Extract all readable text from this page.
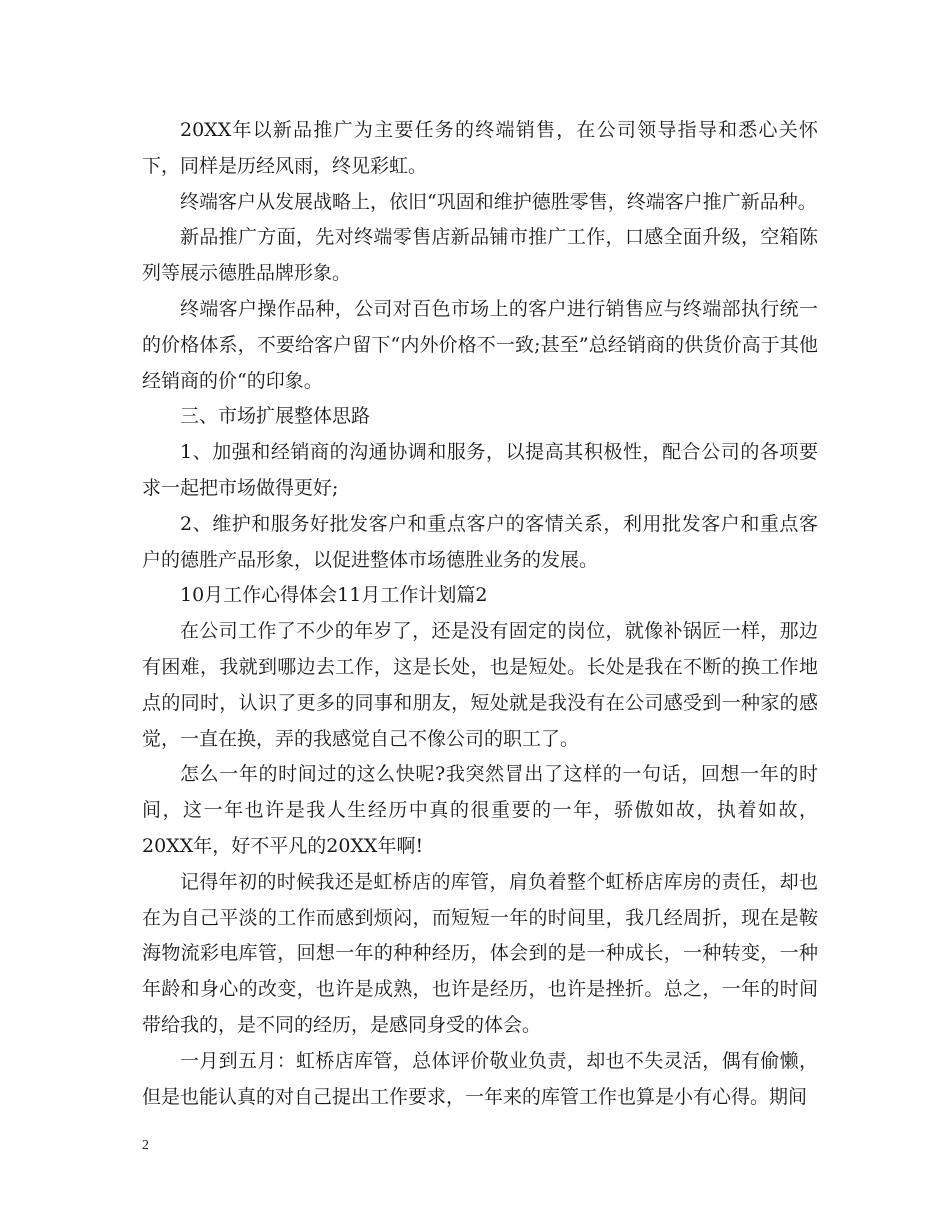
20XX年以新品推广为主要任务的终端销售，在公司领导指导和悉心关怀下，同样是历经风雨，终见彩虹。

终端客户从发展战略上，依旧“巩固和维护德胜零售，终端客户推广新品种。

新品推广方面，先对终端零售店新品铺市推广工作，口感全面升级，空箱陈列等展示德胜品牌形象。

终端客户操作品种，公司对百色市场上的客户进行销售应与终端部执行统一的价格体系，不要给客户留下“内外价格不一致;甚至”总经销商的供货价高于其他经销商的价“的印象。

三、市场扩展整体思路

1、加强和经销商的沟通协调和服务，以提高其积极性，配合公司的各项要求一起把市场做得更好;

2、维护和服务好批发客户和重点客户的客情关系，利用批发客户和重点客户的德胜产品形象，以促进整体市场德胜业务的发展。

10月工作心得体会11月工作计划篇2

在公司工作了不少的年岁了，还是没有固定的岗位，就像补锅匠一样，那边有困难，我就到哪边去工作，这是长处，也是短处。长处是我在不断的换工作地点的同时，认识了更多的同事和朋友，短处就是我没有在公司感受到一种家的感觉，一直在换，弄的我感觉自己不像公司的职工了。

怎么一年的时间过的这么快呢?我突然冒出了这样的一句话，回想一年的时间，这一年也许是我人生经历中真的很重要的一年，骄傲如故，执着如故，20XX年，好不平凡的20XX年啊!

记得年初的时候我还是虹桥店的库管，肩负着整个虹桥店库房的责任，却也在为自己平淡的工作而感到烦闷，而短短一年的时间里，我几经周折，现在是鞍海物流彩电库管，回想一年的种种经历，体会到的是一种成长，一种转变，一种年龄和身心的改变，也许是成熟，也许是经历，也许是挫折。总之，一年的时间带给我的，是不同的经历，是感同身受的体会。

一月到五月：虹桥店库管，总体评价敬业负责，却也不失灵活，偶有偷懒，但是也能认真的对自己提出工作要求，一年来的库管工作也算是小有心得。期间

2
